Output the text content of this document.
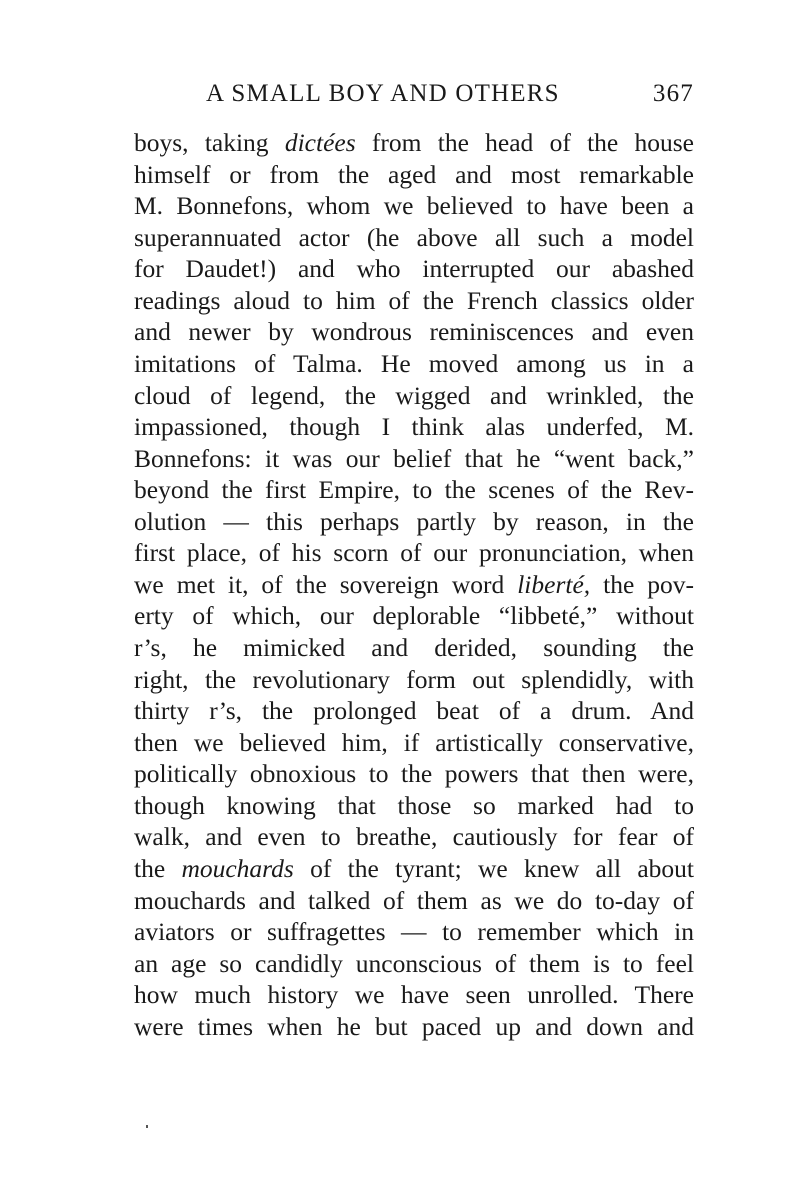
A SMALL BOY AND OTHERS	367
boys, taking dictées from the head of the house
himself or from the aged and most remarkable
M. Bonnefons, whom we believed to have been a
superannuated actor (he above all such a model
for Daudet!) and who interrupted our abashed
readings aloud to him of the French classics older
and newer by wondrous reminiscences and even
imitations of Talma. He moved among us in a
cloud of legend, the wigged and wrinkled, the
impassioned, though I think alas underfed, M.
Bonnefons: it was our belief that he “went back,”
beyond the first Empire, to the scenes of the Rev-
olution — this perhaps partly by reason, in the
first place, of his scorn of our pronunciation, when
we met it, of the sovereign word liberté, the pov-
erty of which, our deplorable “libbeté,” without
r’s, he mimicked and derided, sounding the
right, the revolutionary form out splendidly, with
thirty r’s, the prolonged beat of a drum. And
then we believed him, if artistically conservative,
politically obnoxious to the powers that then were,
though knowing that those so marked had to
walk, and even to breathe, cautiously for fear of
the mouchards of the tyrant; we knew all about
mouchards and talked of them as we do to-day of
aviators or suffragettes — to remember which in
an age so candidly unconscious of them is to feel
how much history we have seen unrolled. There
were times when he but paced up and down and
